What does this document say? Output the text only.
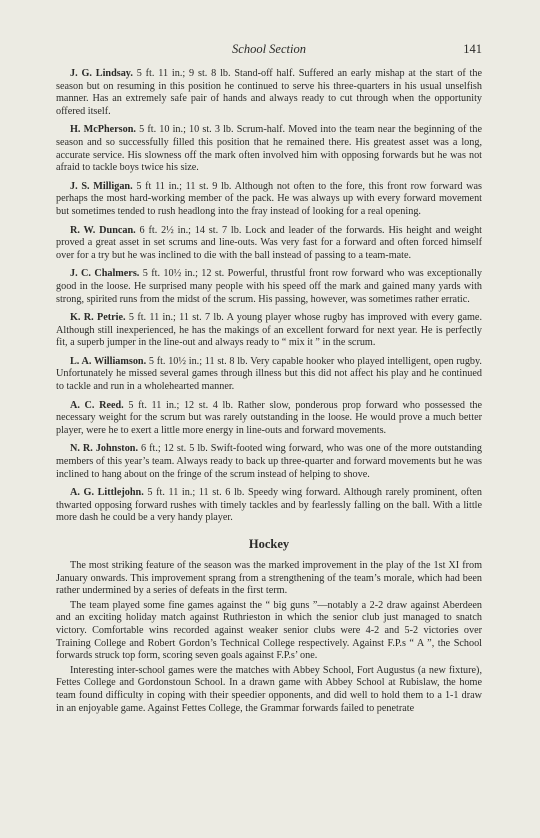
School Section	141

J. G. Lindsay. 5 ft. 11 in.; 9 st. 8 lb. Stand-off half. Suffered an early mishap at the start of the season but on resuming in this position he continued to serve his three-quarters in his usual unselfish manner. Has an extremely safe pair of hands and always ready to cut through when the opportunity offered itself.

H. McPherson. 5 ft. 10 in.; 10 st. 3 lb. Scrum-half. Moved into the team near the beginning of the season and so successfully filled this position that he remained there. His greatest asset was a long, accurate service. His slowness off the mark often involved him with opposing forwards but he was not afraid to tackle boys twice his size.

J. S. Milligan. 5 ft 11 in.; 11 st. 9 lb. Although not often to the fore, this front row forward was perhaps the most hard-working member of the pack. He was always up with every forward movement but sometimes tended to rush headlong into the fray instead of looking for a real opening.

R. W. Duncan. 6 ft. 2½ in.; 14 st. 7 lb. Lock and leader of the forwards. His height and weight proved a great asset in set scrums and line-outs. Was very fast for a forward and often forced himself over for a try but he was inclined to die with the ball instead of passing to a team-mate.

J. C. Chalmers. 5 ft. 10½ in.; 12 st. Powerful, thrustful front row forward who was exceptionally good in the loose. He surprised many people with his speed off the mark and gained many yards with strong, spirited runs from the midst of the scrum. His passing, however, was sometimes rather erratic.

K. R. Petrie. 5 ft. 11 in.; 11 st. 7 lb. A young player whose rugby has improved with every game. Although still inexperienced, he has the makings of an excellent forward for next year. He is perfectly fit, a superb jumper in the line-out and always ready to “ mix it ” in the scrum.

L. A. Williamson. 5 ft. 10½ in.; 11 st. 8 lb. Very capable hooker who played intelligent, open rugby. Unfortunately he missed several games through illness but this did not affect his play and he continued to tackle and run in a wholehearted manner.

A. C. Reed. 5 ft. 11 in.; 12 st. 4 lb. Rather slow, ponderous prop forward who possessed the necessary weight for the scrum but was rarely outstanding in the loose. He would prove a much better player, were he to exert a little more energy in line-outs and forward movements.

N. R. Johnston. 6 ft.; 12 st. 5 lb. Swift-footed wing forward, who was one of the more outstanding members of this year’s team. Always ready to back up three-quarter and forward movements but he was inclined to hang about on the fringe of the scrum instead of helping to shove.

A. G. Littlejohn. 5 ft. 11 in.; 11 st. 6 lb. Speedy wing forward. Although rarely prominent, often thwarted opposing forward rushes with timely tackles and by fearlessly falling on the ball. With a little more dash he could be a very handy player.

Hockey

The most striking feature of the season was the marked improvement in the play of the 1st XI from January onwards. This improvement sprang from a strengthening of the team’s morale, which had been rather undermined by a series of defeats in the first term.

The team played some fine games against the “ big guns ”—notably a 2-2 draw against Aberdeen and an exciting holiday match against Ruthrieston in which the senior club just managed to snatch victory. Comfortable wins recorded against weaker senior clubs were 4-2 and 5-2 victories over Training College and Robert Gordon’s Technical College respectively. Against F.P.s “ A ”, the School forwards struck top form, scoring seven goals against F.P.s’ one.

Interesting inter-school games were the matches with Abbey School, Fort Augustus (a new fixture), Fettes College and Gordonstoun School. In a drawn game with Abbey School at Rubislaw, the home team found difficulty in coping with their speedier opponents, and did well to hold them to a 1-1 draw in an enjoyable game. Against Fettes College, the Grammar forwards failed to penetrate
